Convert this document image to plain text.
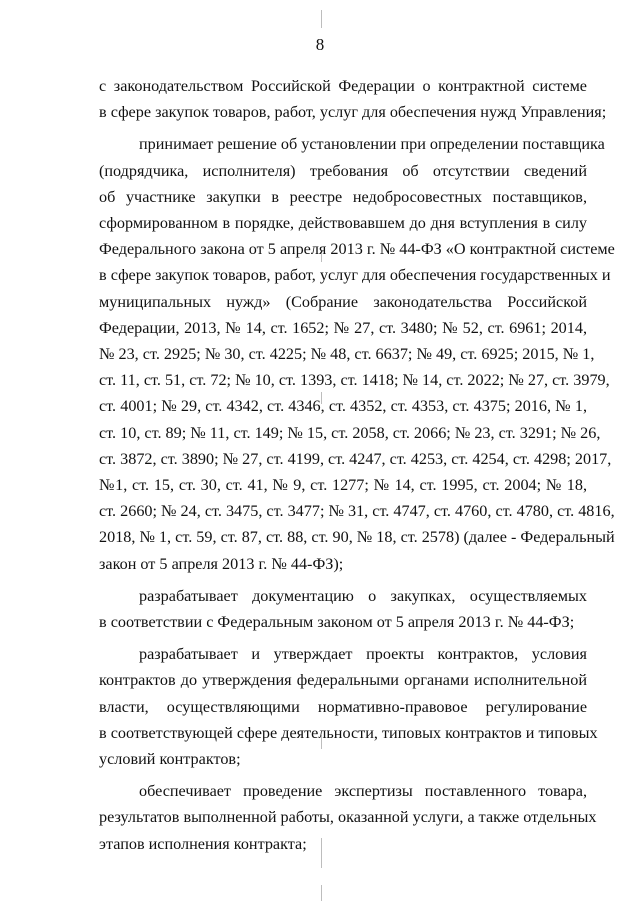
8

с законодательством Российской Федерации о контрактной системе
в сфере закупок товаров, работ, услуг для обеспечения нужд Управления;

принимает решение об установлении при определении поставщика
(подрядчика, исполнителя) требования об отсутствии сведений
об участнике закупки в реестре недобросовестных поставщиков,
сформированном в порядке, действовавшем до дня вступления в силу
Федерального закона от 5 апреля 2013 г. № 44-ФЗ «О контрактной системе
в сфере закупок товаров, работ, услуг для обеспечения государственных и
муниципальных нужд» (Собрание законодательства Российской
Федерации, 2013, № 14, ст. 1652; № 27, ст. 3480; № 52, ст. 6961; 2014,
№ 23, ст. 2925; № 30, ст. 4225; № 48, ст. 6637; № 49, ст. 6925; 2015, № 1,
ст. 11, ст. 51, ст. 72; № 10, ст. 1393, ст. 1418; № 14, ст. 2022; № 27, ст. 3979,
ст. 4001; № 29, ст. 4342, ст. 4346, ст. 4352, ст. 4353, ст. 4375; 2016, № 1,
ст. 10, ст. 89; № 11, ст. 149; № 15, ст. 2058, ст. 2066; № 23, ст. 3291; № 26,
ст. 3872, ст. 3890; № 27, ст. 4199, ст. 4247, ст. 4253, ст. 4254, ст. 4298; 2017,
№1, ст. 15, ст. 30, ст. 41, № 9, ст. 1277; № 14, ст. 1995, ст. 2004; № 18,
ст. 2660; № 24, ст. 3475, ст. 3477; № 31, ст. 4747, ст. 4760, ст. 4780, ст. 4816,
2018, № 1, ст. 59, ст. 87, ст. 88, ст. 90, № 18, ст. 2578) (далее - Федеральный
закон от 5 апреля 2013 г. № 44-ФЗ);

разрабатывает документацию о закупках, осуществляемых
в соответствии с Федеральным законом от 5 апреля 2013 г. № 44-ФЗ;

разрабатывает и утверждает проекты контрактов, условия
контрактов до утверждения федеральными органами исполнительной
власти, осуществляющими нормативно-правовое регулирование
в соответствующей сфере деятельности, типовых контрактов и типовых
условий контрактов;

обеспечивает проведение экспертизы поставленного товара,
результатов выполненной работы, оказанной услуги, а также отдельных
этапов исполнения контракта;
